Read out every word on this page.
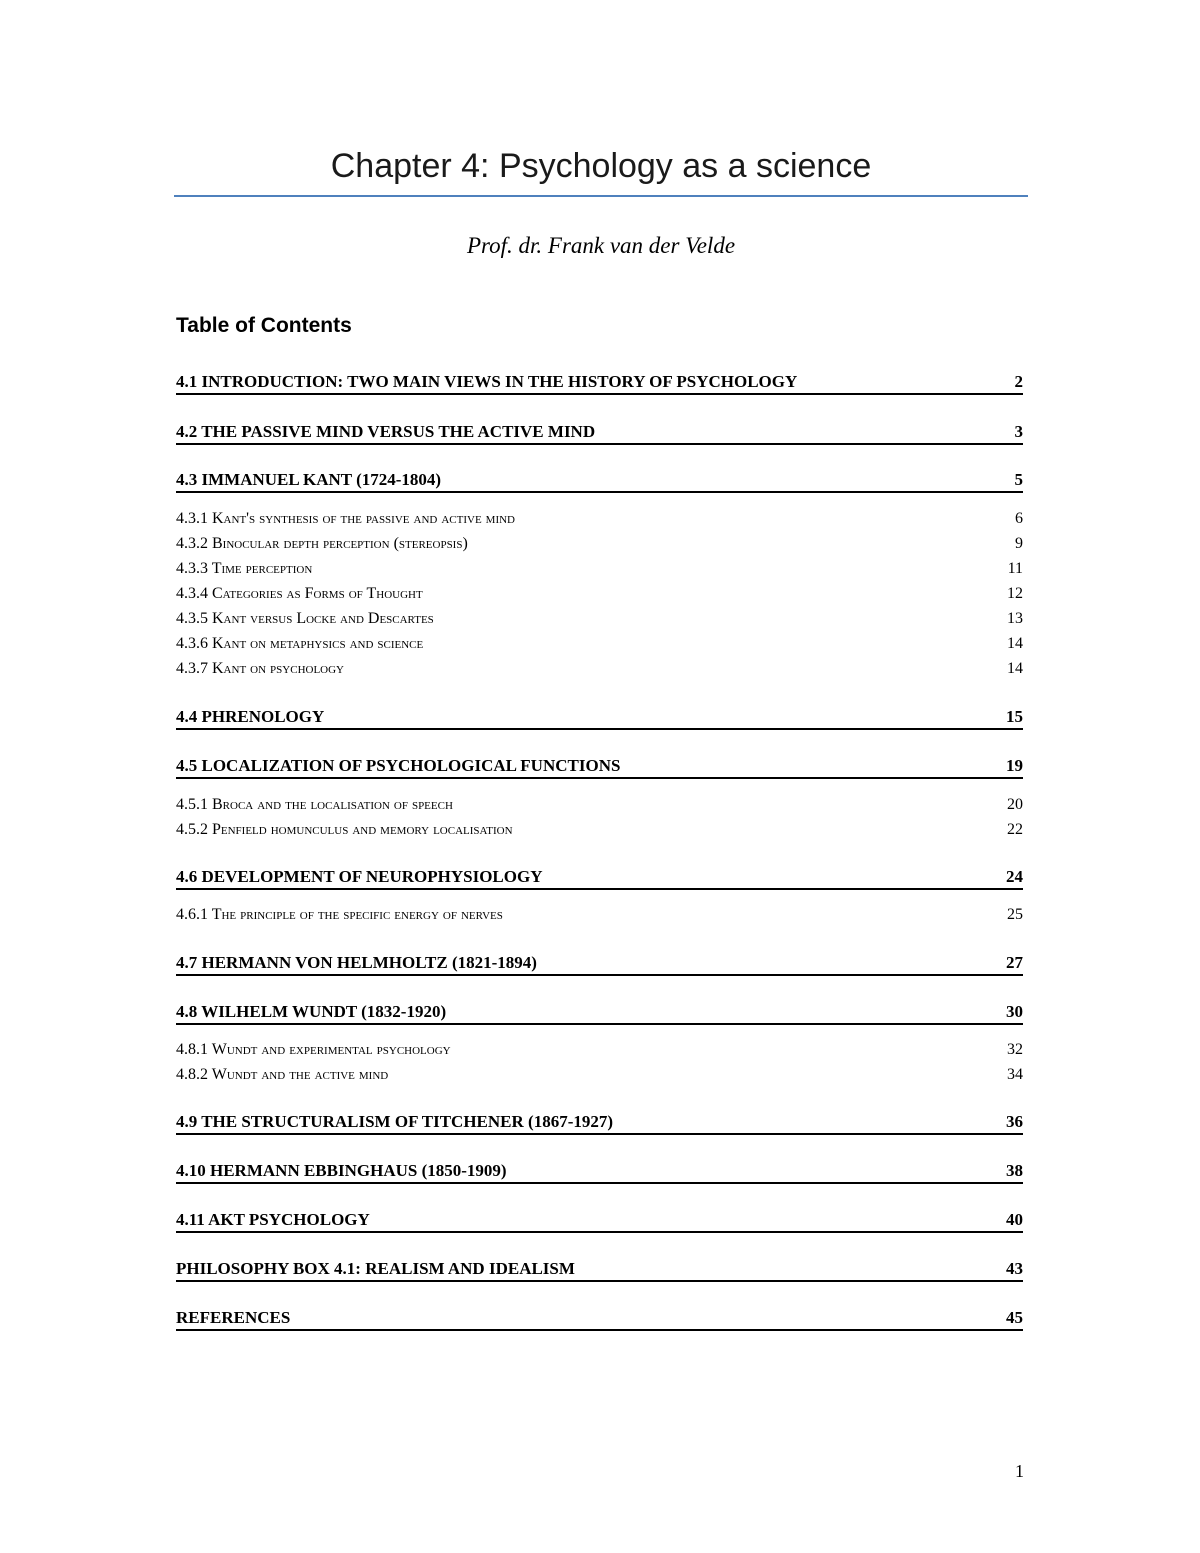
Chapter 4: Psychology as a science
Prof. dr. Frank van der Velde
Table of Contents
4.1 INTRODUCTION: TWO MAIN VIEWS IN THE HISTORY OF PSYCHOLOGY	2
4.2 THE PASSIVE MIND VERSUS THE ACTIVE MIND	3
4.3 IMMANUEL KANT (1724-1804)	5
4.3.1 Kant's synthesis of the passive and active mind	6
4.3.2 Binocular depth perception (stereopsis)	9
4.3.3 Time perception	11
4.3.4 Categories as Forms of Thought	12
4.3.5 Kant versus Locke and Descartes	13
4.3.6 Kant on metaphysics and science	14
4.3.7 Kant on psychology	14
4.4 PHRENOLOGY	15
4.5 LOCALIZATION OF PSYCHOLOGICAL FUNCTIONS	19
4.5.1 Broca and the localisation of speech	20
4.5.2 Penfield homunculus and memory localisation	22
4.6 DEVELOPMENT OF NEUROPHYSIOLOGY	24
4.6.1 The principle of the specific energy of nerves	25
4.7 HERMANN VON HELMHOLTZ (1821-1894)	27
4.8 WILHELM WUNDT (1832-1920)	30
4.8.1 Wundt and experimental psychology	32
4.8.2 Wundt and the active mind	34
4.9 THE STRUCTURALISM OF TITCHENER (1867-1927)	36
4.10 HERMANN EBBINGHAUS (1850-1909)	38
4.11 AKT PSYCHOLOGY	40
PHILOSOPHY BOX 4.1: REALISM AND IDEALISM	43
REFERENCES	45
1
